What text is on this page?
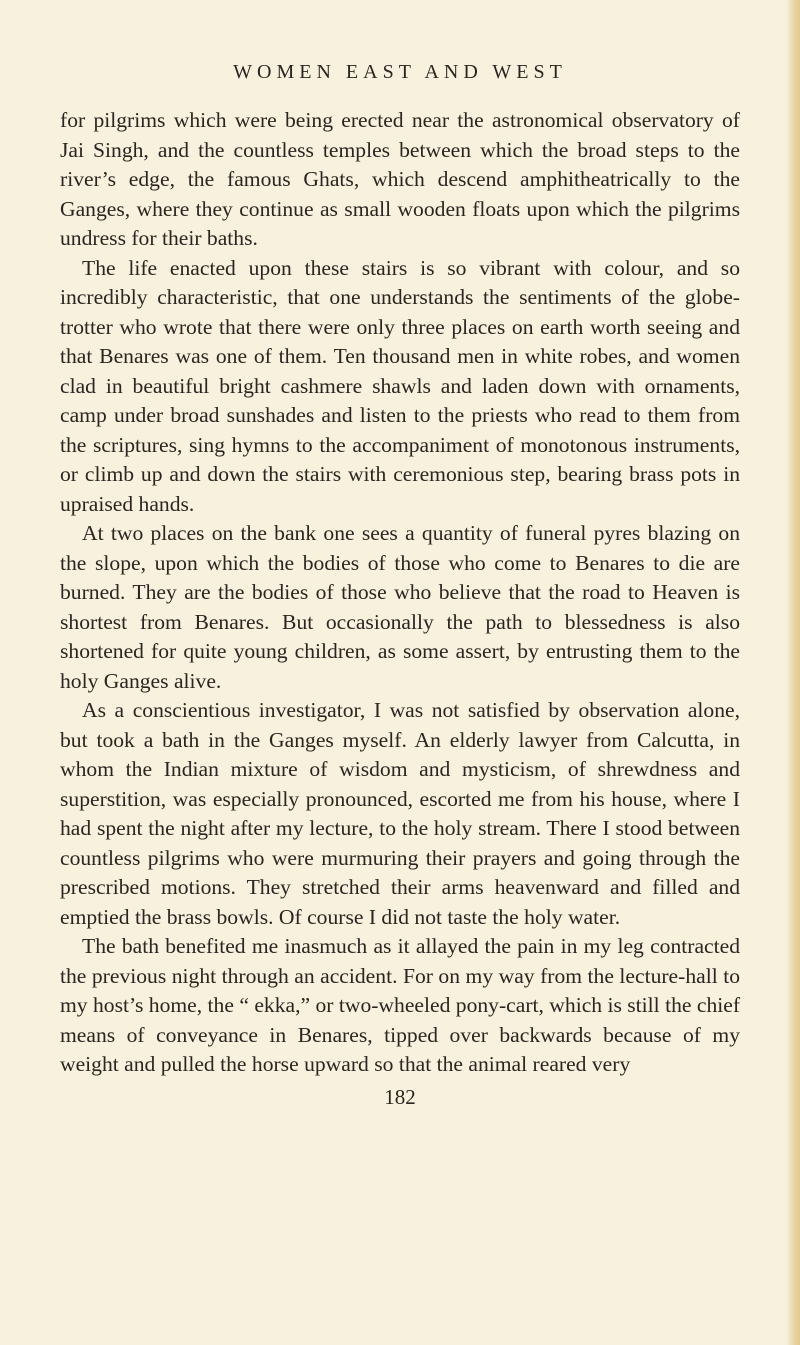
WOMEN EAST AND WEST

for pilgrims which were being erected near the astronomical observatory of Jai Singh, and the countless temples between which the broad steps to the river’s edge, the famous Ghats, which descend amphitheatrically to the Ganges, where they continue as small wooden floats upon which the pilgrims undress for their baths.

The life enacted upon these stairs is so vibrant with colour, and so incredibly characteristic, that one understands the sentiments of the globe-trotter who wrote that there were only three places on earth worth seeing and that Benares was one of them. Ten thousand men in white robes, and women clad in beautiful bright cashmere shawls and laden down with ornaments, camp under broad sunshades and listen to the priests who read to them from the scriptures, sing hymns to the accompaniment of monotonous instruments, or climb up and down the stairs with ceremonious step, bearing brass pots in upraised hands.

At two places on the bank one sees a quantity of funeral pyres blazing on the slope, upon which the bodies of those who come to Benares to die are burned. They are the bodies of those who believe that the road to Heaven is shortest from Benares. But occasionally the path to blessedness is also shortened for quite young children, as some assert, by entrusting them to the holy Ganges alive.

As a conscientious investigator, I was not satisfied by observation alone, but took a bath in the Ganges myself. An elderly lawyer from Calcutta, in whom the Indian mixture of wisdom and mysticism, of shrewdness and superstition, was especially pronounced, escorted me from his house, where I had spent the night after my lecture, to the holy stream. There I stood between countless pilgrims who were murmuring their prayers and going through the prescribed motions. They stretched their arms heavenward and filled and emptied the brass bowls. Of course I did not taste the holy water.

The bath benefited me inasmuch as it allayed the pain in my leg contracted the previous night through an accident. For on my way from the lecture-hall to my host’s home, the “ ekka,” or two-wheeled pony-cart, which is still the chief means of conveyance in Benares, tipped over backwards because of my weight and pulled the horse upward so that the animal reared very

182
